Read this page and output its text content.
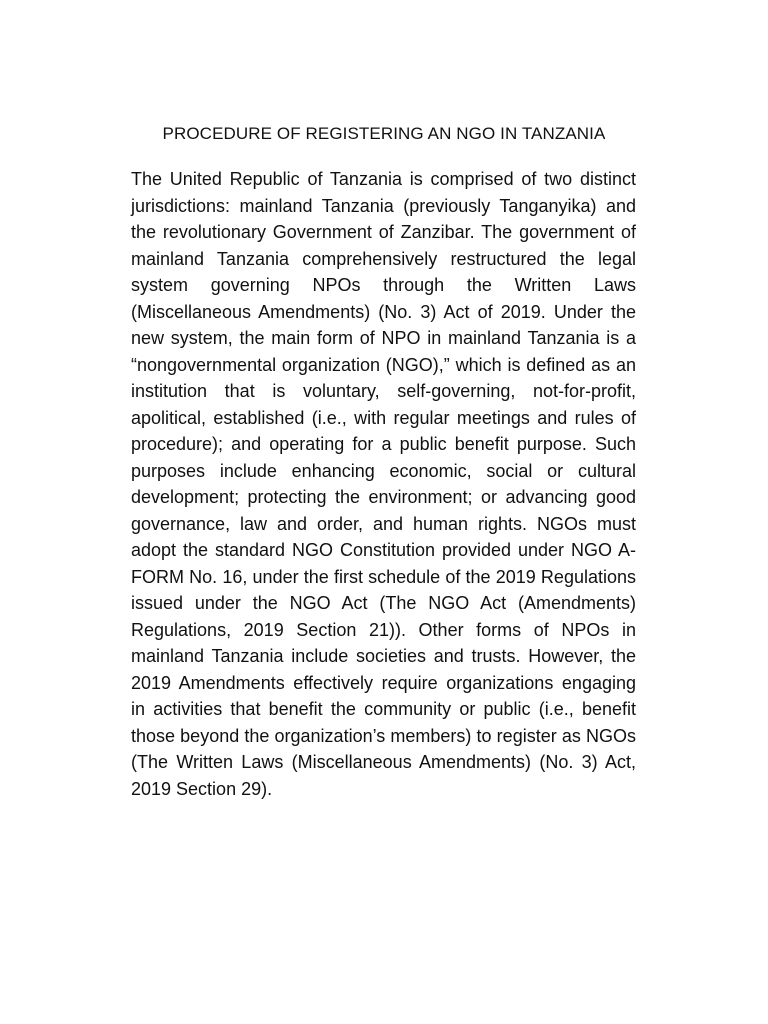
PROCEDURE OF REGISTERING AN NGO IN TANZANIA

The United Republic of Tanzania is comprised of two distinct jurisdictions: mainland Tanzania (previously Tanganyika) and the revolutionary Government of Zanzibar. The government of mainland Tanzania comprehensively restructured the legal system governing NPOs through the Written Laws (Miscellaneous Amendments) (No. 3) Act of 2019. Under the new system, the main form of NPO in mainland Tanzania is a “nongovernmental organization (NGO),” which is defined as an institution that is voluntary, self-governing, not-for-profit, apolitical, established (i.e., with regular meetings and rules of procedure); and operating for a public benefit purpose. Such purposes include enhancing economic, social or cultural development; protecting the environment; or advancing good governance, law and order, and human rights. NGOs must adopt the standard NGO Constitution provided under NGO A-FORM No. 16, under the first schedule of the 2019 Regulations issued under the NGO Act (The NGO Act (Amendments) Regulations, 2019 Section 21)). Other forms of NPOs in mainland Tanzania include societies and trusts. However, the 2019 Amendments effectively require organizations engaging in activities that benefit the community or public (i.e., benefit those beyond the organization’s members) to register as NGOs (The Written Laws (Miscellaneous Amendments) (No. 3) Act, 2019 Section 29).
